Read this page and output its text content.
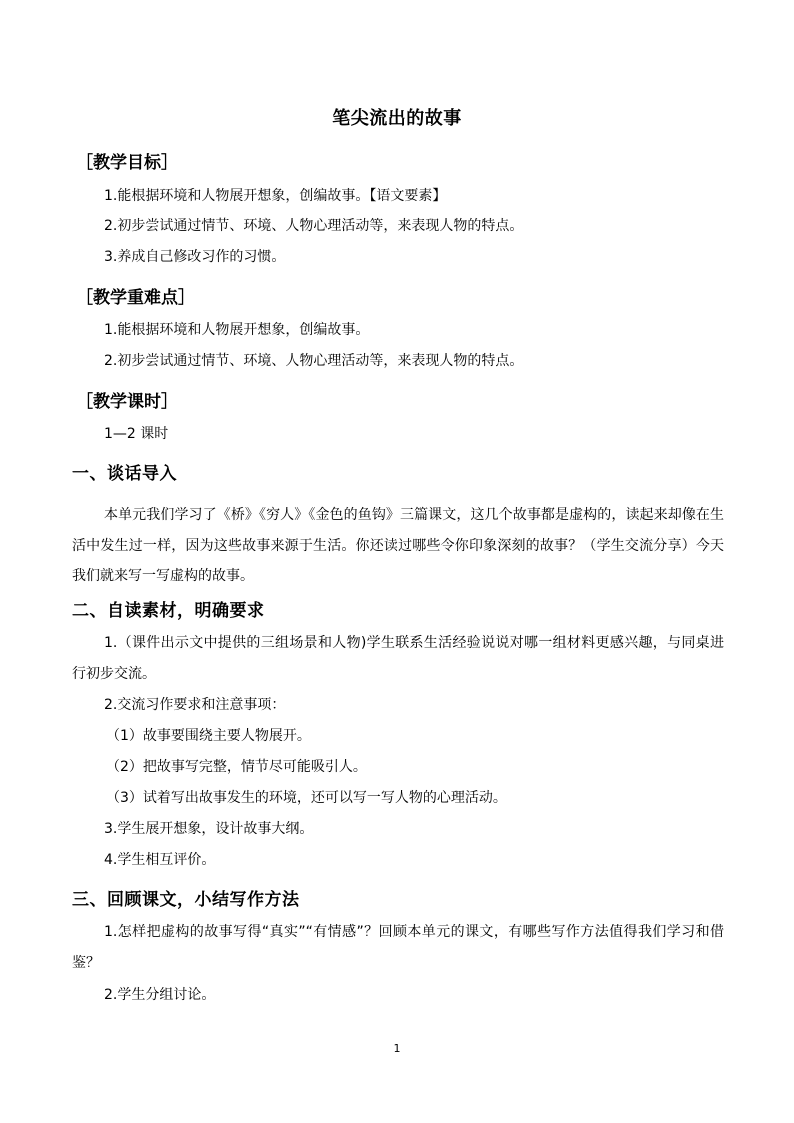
笔尖流出的故事
［教学目标］
1.能根据环境和人物展开想象，创编故事。【语文要素】
2.初步尝试通过情节、环境、人物心理活动等，来表现人物的特点。
3.养成自己修改习作的习惯。
［教学重难点］
1.能根据环境和人物展开想象，创编故事。
2.初步尝试通过情节、环境、人物心理活动等，来表现人物的特点。
［教学课时］
1—2 课时
一、谈话导入
本单元我们学习了《桥》《穷人》《金色的鱼钩》三篇课文，这几个故事都是虚构的，读起来却像在生活中发生过一样，因为这些故事来源于生活。你还读过哪些令你印象深刻的故事？（学生交流分享）今天我们就来写一写虚构的故事。
二、自读素材，明确要求
1.（课件出示文中提供的三组场景和人物)学生联系生活经验说说对哪一组材料更感兴趣，与同桌进行初步交流。
2.交流习作要求和注意事项：
（1）故事要围绕主要人物展开。
（2）把故事写完整，情节尽可能吸引人。
（3）试着写出故事发生的环境，还可以写一写人物的心理活动。
3.学生展开想象，设计故事大纲。
4.学生相互评价。
三、回顾课文，小结写作方法
1.怎样把虚构的故事写得“真实”“有情感”？回顾本单元的课文，有哪些写作方法值得我们学习和借鉴？
2.学生分组讨论。
1
